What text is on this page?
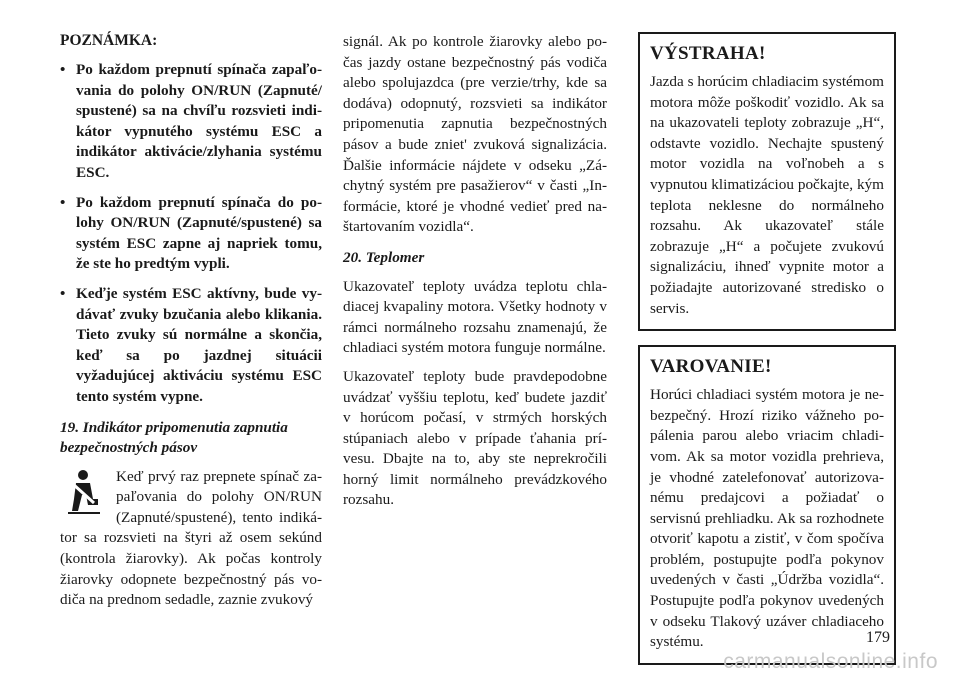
POZNÁMKA:

• Po každom prepnutí spínača zapaľovania do polohy ON/RUN (Zapnuté/ spustené) sa na chvíľu rozsvieti indikátor vypnutého systému ESC a indikátor aktivácie/zlyhania systému ESC.
• Po každom prepnutí spínača do polohy ON/RUN (Zapnuté/spustené) sa systém ESC zapne aj napriek tomu, že ste ho predtým vypli.
• Keďje systém ESC aktívny, bude vydávať zvuky bzučania alebo klikania. Tieto zvuky sú normálne a skončia, keď sa po jazdnej situácii vyžadujúcej aktiváciu systému ESC tento systém vypne.

19. Indikátor pripomenutia zapnutia bezpečnostných pásov

Keď prvý raz prepnete spínač zapaľovania do polohy ON/RUN (Zapnuté/spustené), tento indikátor sa rozsvieti na štyri až osem sekúnd (kontrola žiarovky). Ak počas kontroly žiarovky odopnete bezpečnostný pás vodiča na prednom sedadle, zaznie zvukový

signál. Ak po kontrole žiarovky alebo počas jazdy ostane bezpečnostný pás vodiča alebo spolujazdca (pre verzie/trhy, kde sa dodáva) odopnutý, rozsvieti sa indikátor pripomenutia zapnutia bezpečnostných pásov a bude zniet' zvuková signalizácia. Ďalšie informácie nájdete v odseku „Záchytný systém pre pasažierov“ v časti „Informácie, ktoré je vhodné vedieť pred naštartovaním vozidla“.

20. Teplomer

Ukazovateľ teploty uvádza teplotu chladiacej kvapaliny motora. Všetky hodnoty v rámci normálneho rozsahu znamenajú, že chladiaci systém motora funguje normálne.

Ukazovateľ teploty bude pravdepodobne uvádzať vyššiu teplotu, keď budete jazdiť v horúcom počasí, v strmých horských stúpaniach alebo v prípade ťahania prívesu. Dbajte na to, aby ste neprekročili horný limit normálneho prevádzkového rozsahu.

VÝSTRAHA!

Jazda s horúcim chladiacim systémom motora môže poškodiť vozidlo. Ak sa na ukazovateli teploty zobrazuje „H“, odstavte vozidlo. Nechajte spustený motor vozidla na voľnobeh a s vypnutou klimatizáciou počkajte, kým teplota neklesne do normálneho rozsahu. Ak ukazovateľ stále zobrazuje „H“ a počujete zvukovú signalizáciu, ihneď vypnite motor a požiadajte autorizované stredisko o servis.

VAROVANIE!

Horúci chladiaci systém motora je nebezpečný. Hrozí riziko vážneho popálenia parou alebo vriacim chladivom. Ak sa motor vozidla prehrieva, je vhodné zatelefonovať autorizovanému predajcovi a požiadať o servisnú prehliadku. Ak sa rozhodnete otvoriť kapotu a zistiť, v čom spočíva problém, postupujte podľa pokynov uvedených v časti „Údržba vozidla“. Postupujte podľa pokynov uvedených v odseku Tlakový uzáver chladiaceho systému.	179
carmanualsonline.info
